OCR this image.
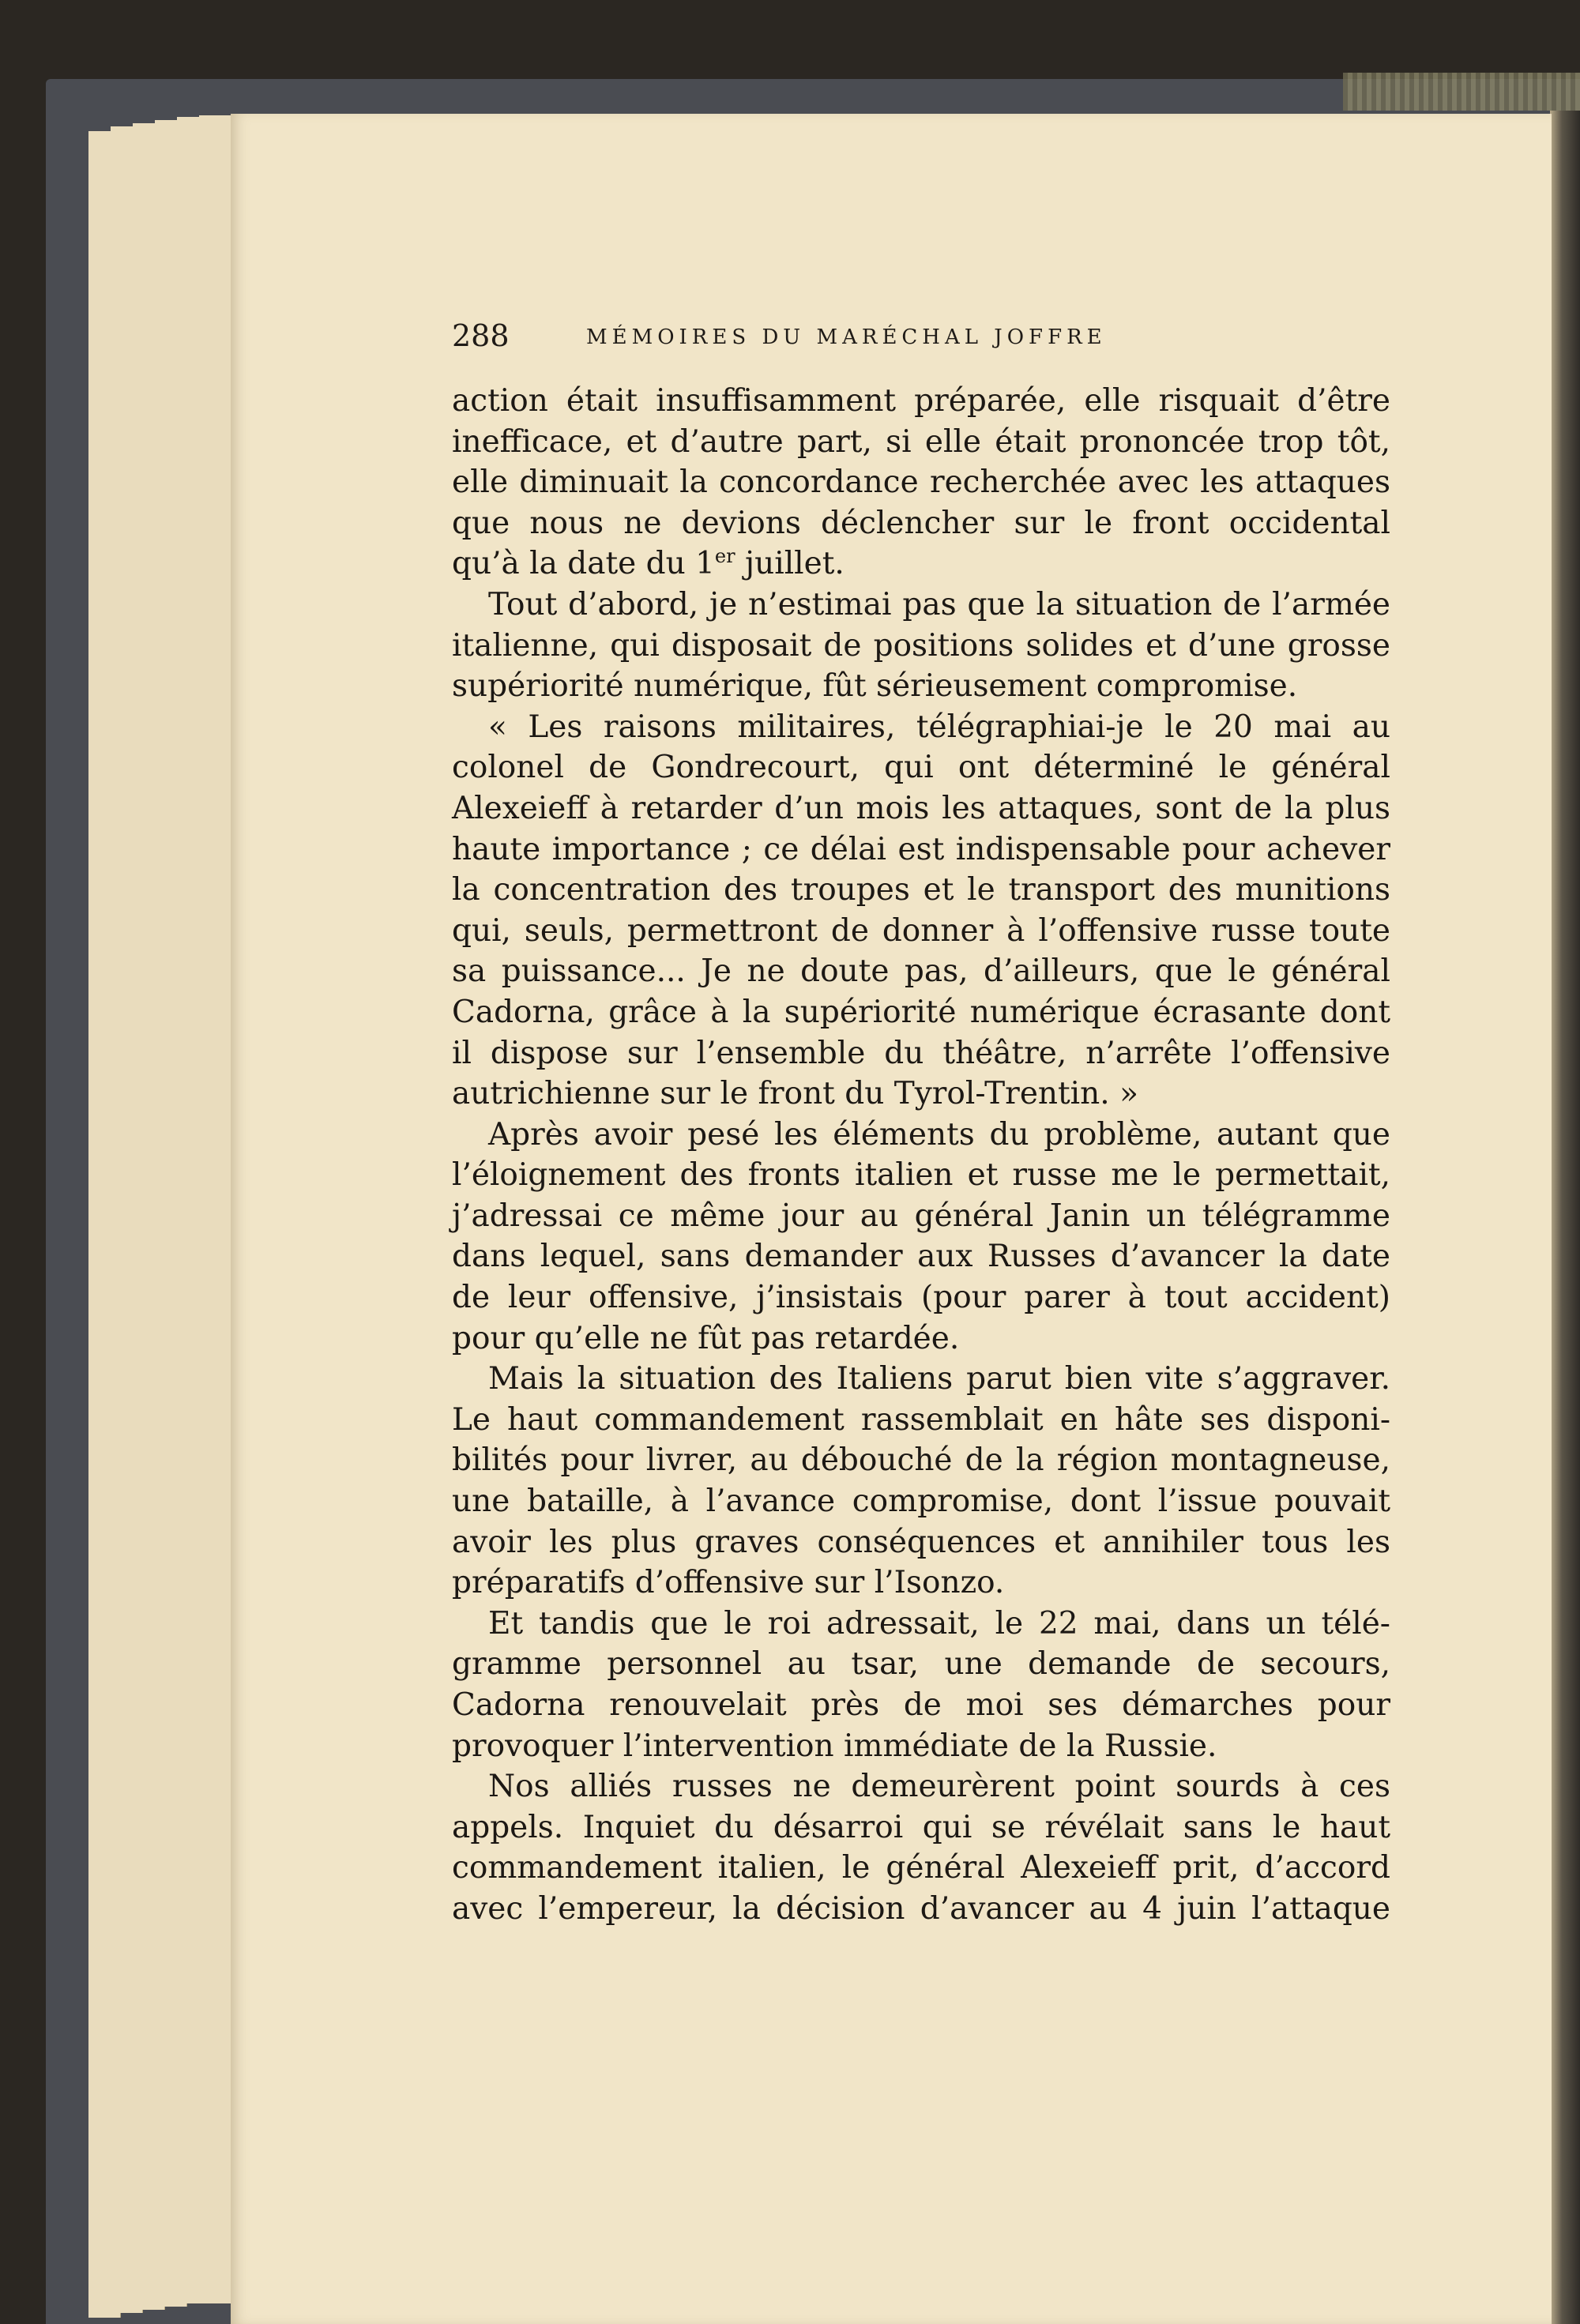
288	MÉMOIRES DU MARÉCHAL JOFFRE
action était insuffisamment préparée, elle risquait d’être
inefficace, et d’autre part, si elle était prononcée trop tôt,
elle diminuait la concordance recherchée avec les attaques
que nous ne devions déclencher sur le front occidental
qu’à la date du 1er juillet.
Tout d’abord, je n’estimai pas que la situation de l’armée
italienne, qui disposait de positions solides et d’une grosse
supériorité numérique, fût sérieusement compromise.
« Les raisons militaires, télégraphiai-je le 20 mai au
colonel de Gondrecourt, qui ont déterminé le général
Alexeieff à retarder d’un mois les attaques, sont de la plus
haute importance ; ce délai est indispensable pour achever
la concentration des troupes et le transport des munitions
qui, seuls, permettront de donner à l’offensive russe toute
sa puissance... Je ne doute pas, d’ailleurs, que le général
Cadorna, grâce à la supériorité numérique écrasante dont
il dispose sur l’ensemble du théâtre, n’arrête l’offensive
autrichienne sur le front du Tyrol-Trentin. »
Après avoir pesé les éléments du problème, autant que
l’éloignement des fronts italien et russe me le permettait,
j’adressai ce même jour au général Janin un télégramme
dans lequel, sans demander aux Russes d’avancer la date
de leur offensive, j’insistais (pour parer à tout accident)
pour qu’elle ne fût pas retardée.
Mais la situation des Italiens parut bien vite s’aggraver.
Le haut commandement rassemblait en hâte ses disponi-
bilités pour livrer, au débouché de la région montagneuse,
une bataille, à l’avance compromise, dont l’issue pouvait
avoir les plus graves conséquences et annihiler tous les
préparatifs d’offensive sur l’Isonzo.
Et tandis que le roi adressait, le 22 mai, dans un télé-
gramme personnel au tsar, une demande de secours,
Cadorna renouvelait près de moi ses démarches pour
provoquer l’intervention immédiate de la Russie.
Nos alliés russes ne demeurèrent point sourds à ces
appels. Inquiet du désarroi qui se révélait sans le haut
commandement italien, le général Alexeieff prit, d’accord
avec l’empereur, la décision d’avancer au 4 juin l’attaque
